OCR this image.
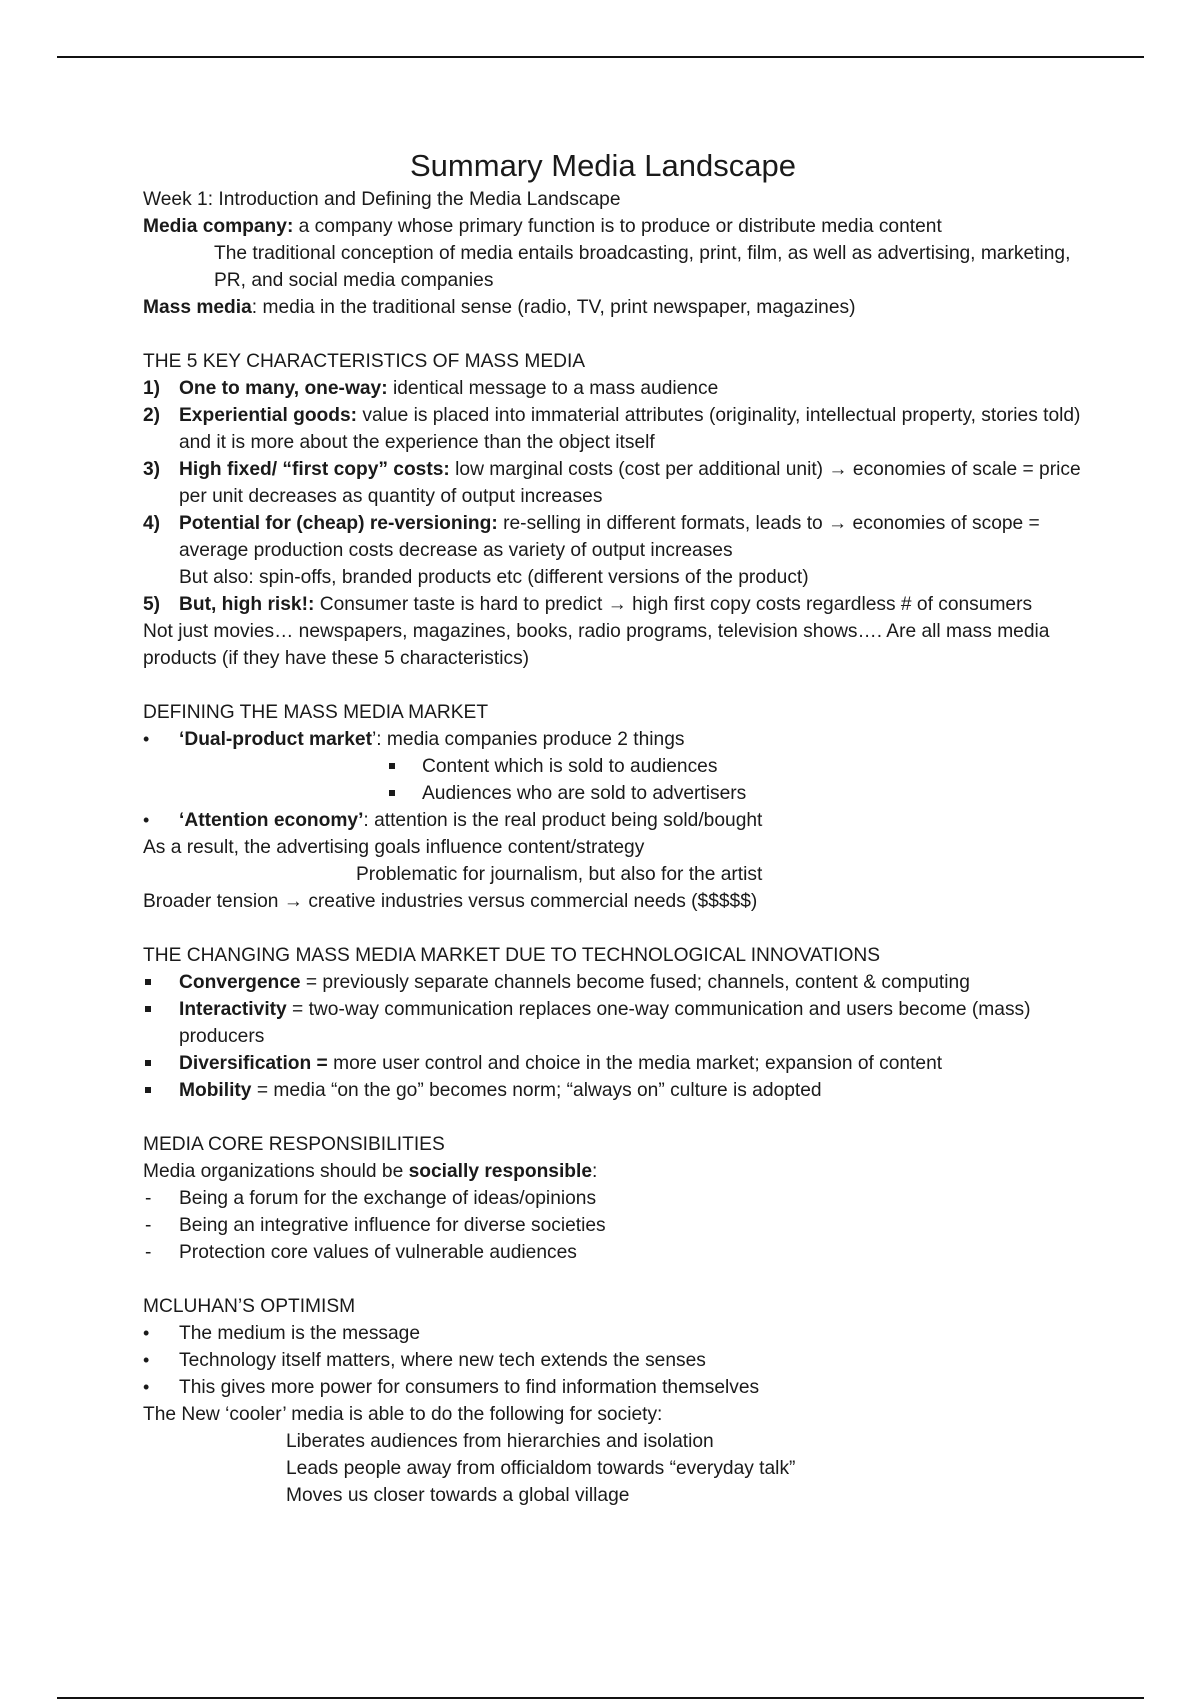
Summary Media Landscape

Week 1: Introduction and Defining the Media Landscape

Media company: a company whose primary function is to produce or distribute media content

The traditional conception of media entails broadcasting, print, film, as well as advertising, marketing, PR, and social media companies

Mass media: media in the traditional sense (radio, TV, print newspaper, magazines)

THE 5 KEY CHARACTERISTICS OF MASS MEDIA

1) One to many, one-way: identical message to a mass audience

2) Experiential goods: value is placed into immaterial attributes (originality, intellectual property, stories told) and it is more about the experience than the object itself

3) High fixed/ “first copy” costs: low marginal costs (cost per additional unit) → economies of scale = price per unit decreases as quantity of output increases

4) Potential for (cheap) re-versioning: re-selling in different formats, leads to → economies of scope = average production costs decrease as variety of output increases

But also: spin-offs, branded products etc (different versions of the product)

5) But, high risk!: Consumer taste is hard to predict → high first copy costs regardless # of consumers

Not just movies… newspapers, magazines, books, radio programs, television shows…. Are all mass media products (if they have these 5 characteristics)

DEFINING THE MASS MEDIA MARKET

• ‘Dual-product market’: media companies produce 2 things

Content which is sold to audiences

Audiences who are sold to advertisers

• ‘Attention economy’: attention is the real product being sold/bought

As a result, the advertising goals influence content/strategy

Problematic for journalism, but also for the artist

Broader tension → creative industries versus commercial needs ($$$$$)

THE CHANGING MASS MEDIA MARKET DUE TO TECHNOLOGICAL INNOVATIONS

Convergence = previously separate channels become fused; channels, content & computing

Interactivity = two-way communication replaces one-way communication and users become (mass) producers

Diversification = more user control and choice in the media market; expansion of content

Mobility = media “on the go” becomes norm; “always on” culture is adopted

MEDIA CORE RESPONSIBILITIES

Media organizations should be socially responsible:

- Being a forum for the exchange of ideas/opinions

- Being an integrative influence for diverse societies

- Protection core values of vulnerable audiences

MCLUHAN’S OPTIMISM

• The medium is the message

• Technology itself matters, where new tech extends the senses

• This gives more power for consumers to find information themselves

The New ‘cooler’ media is able to do the following for society:

Liberates audiences from hierarchies and isolation

Leads people away from officialdom towards “everyday talk”

Moves us closer towards a global village
